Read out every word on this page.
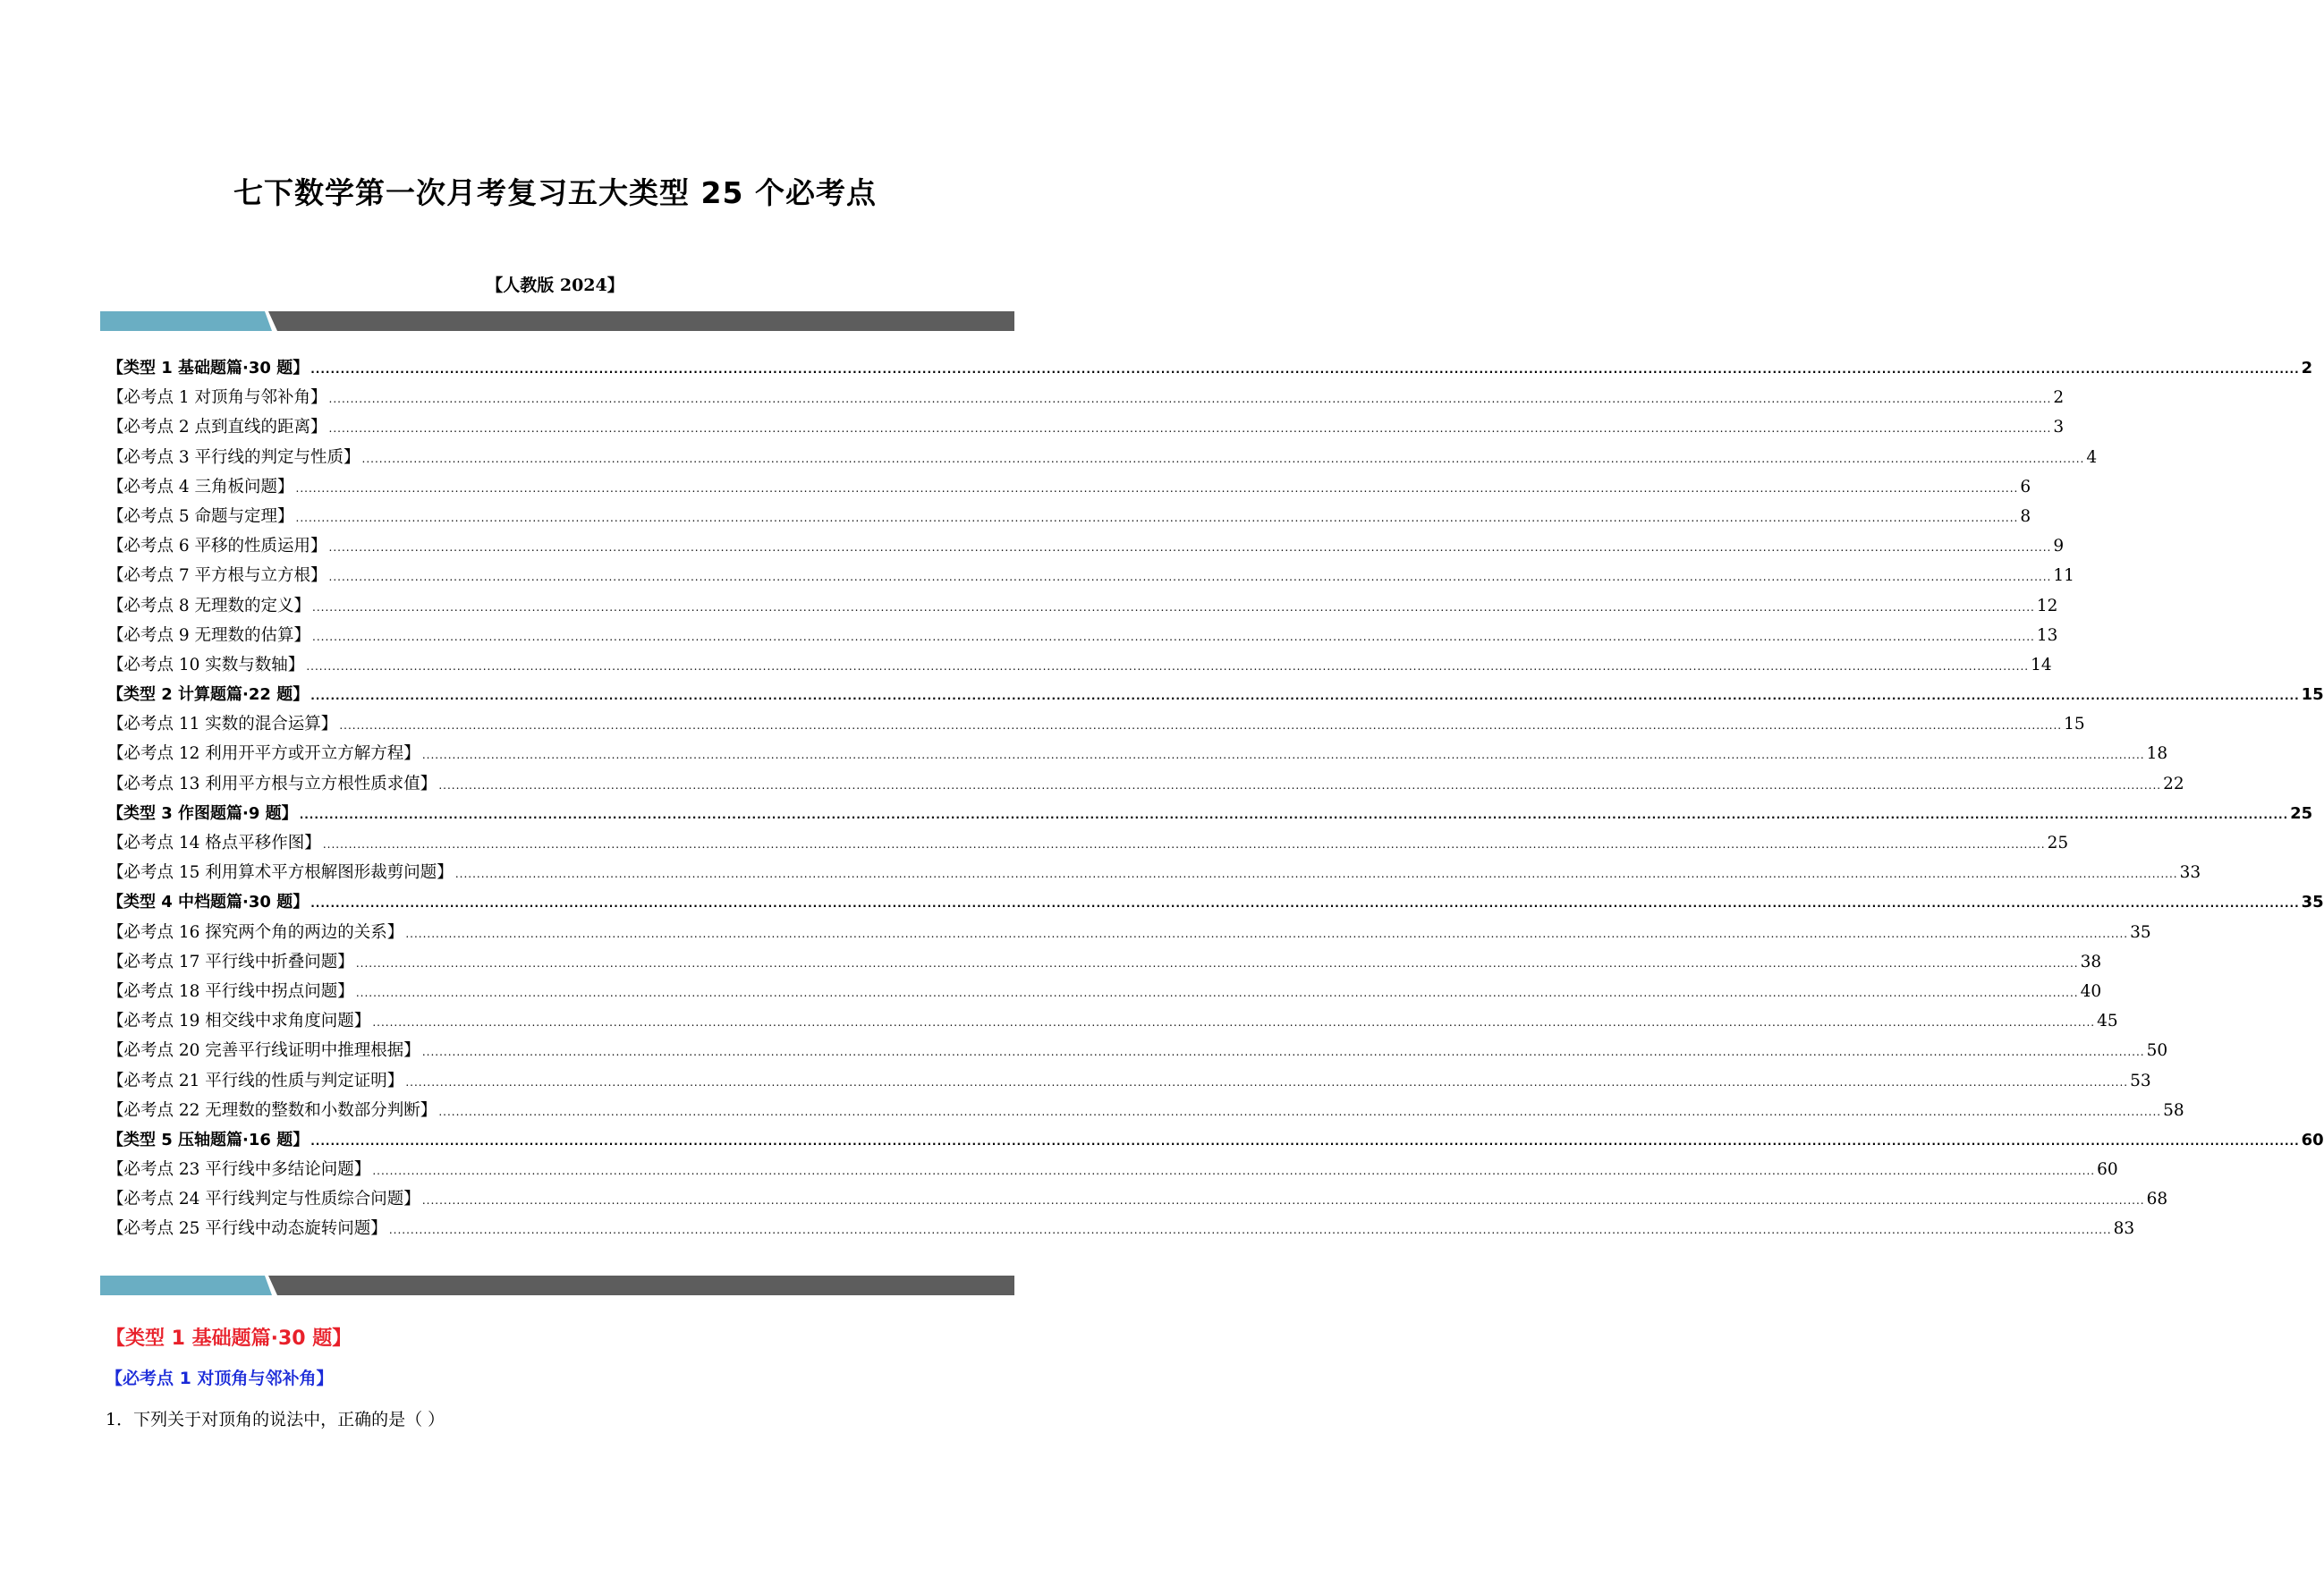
七下数学第一次月考复习五大类型 25 个必考点
【人教版 2024】
【类型 1 基础题篇·30 题】 ................................................................................................................................................................................................................................................................................................................................................................................................................ 2
【必考点 1 对顶角与邻补角】 ................................................................................................................................................................................................................................................................................................................................................................................................................ 2
【必考点 2 点到直线的距离】 ................................................................................................................................................................................................................................................................................................................................................................................................................ 3
【必考点 3 平行线的判定与性质】 ................................................................................................................................................................................................................................................................................................................................................................................................................ 4
【必考点 4 三角板问题】 ................................................................................................................................................................................................................................................................................................................................................................................................................ 6
【必考点 5 命题与定理】 ................................................................................................................................................................................................................................................................................................................................................................................................................ 8
【必考点 6 平移的性质运用】 ................................................................................................................................................................................................................................................................................................................................................................................................................ 9
【必考点 7 平方根与立方根】 ................................................................................................................................................................................................................................................................................................................................................................................................................ 11
【必考点 8 无理数的定义】 ................................................................................................................................................................................................................................................................................................................................................................................................................ 12
【必考点 9 无理数的估算】 ................................................................................................................................................................................................................................................................................................................................................................................................................ 13
【必考点 10 实数与数轴】 ................................................................................................................................................................................................................................................................................................................................................................................................................ 14
【类型 2 计算题篇·22 题】 ................................................................................................................................................................................................................................................................................................................................................................................................................ 15
【必考点 11 实数的混合运算】 ................................................................................................................................................................................................................................................................................................................................................................................................................ 15
【必考点 12 利用开平方或开立方解方程】 ................................................................................................................................................................................................................................................................................................................................................................................................................ 18
【必考点 13 利用平方根与立方根性质求值】 ................................................................................................................................................................................................................................................................................................................................................................................................................ 22
【类型 3 作图题篇·9 题】 ................................................................................................................................................................................................................................................................................................................................................................................................................ 25
【必考点 14 格点平移作图】 ................................................................................................................................................................................................................................................................................................................................................................................................................ 25
【必考点 15 利用算术平方根解图形裁剪问题】 ................................................................................................................................................................................................................................................................................................................................................................................................................ 33
【类型 4 中档题篇·30 题】 ................................................................................................................................................................................................................................................................................................................................................................................................................ 35
【必考点 16 探究两个角的两边的关系】 ................................................................................................................................................................................................................................................................................................................................................................................................................ 35
【必考点 17 平行线中折叠问题】 ................................................................................................................................................................................................................................................................................................................................................................................................................ 38
【必考点 18 平行线中拐点问题】 ................................................................................................................................................................................................................................................................................................................................................................................................................ 40
【必考点 19 相交线中求角度问题】 ................................................................................................................................................................................................................................................................................................................................................................................................................ 45
【必考点 20 完善平行线证明中推理根据】 ................................................................................................................................................................................................................................................................................................................................................................................................................ 50
【必考点 21 平行线的性质与判定证明】 ................................................................................................................................................................................................................................................................................................................................................................................................................ 53
【必考点 22 无理数的整数和小数部分判断】 ................................................................................................................................................................................................................................................................................................................................................................................................................ 58
【类型 5 压轴题篇·16 题】 ................................................................................................................................................................................................................................................................................................................................................................................................................ 60
【必考点 23 平行线中多结论问题】 ................................................................................................................................................................................................................................................................................................................................................................................................................ 60
【必考点 24 平行线判定与性质综合问题】 ................................................................................................................................................................................................................................................................................................................................................................................................................ 68
【必考点 25 平行线中动态旋转问题】 ................................................................................................................................................................................................................................................................................................................................................................................................................ 83
【类型 1 基础题篇·30 题】
【必考点 1 对顶角与邻补角】
1．下列关于对顶角的说法中，正确的是（ ）
